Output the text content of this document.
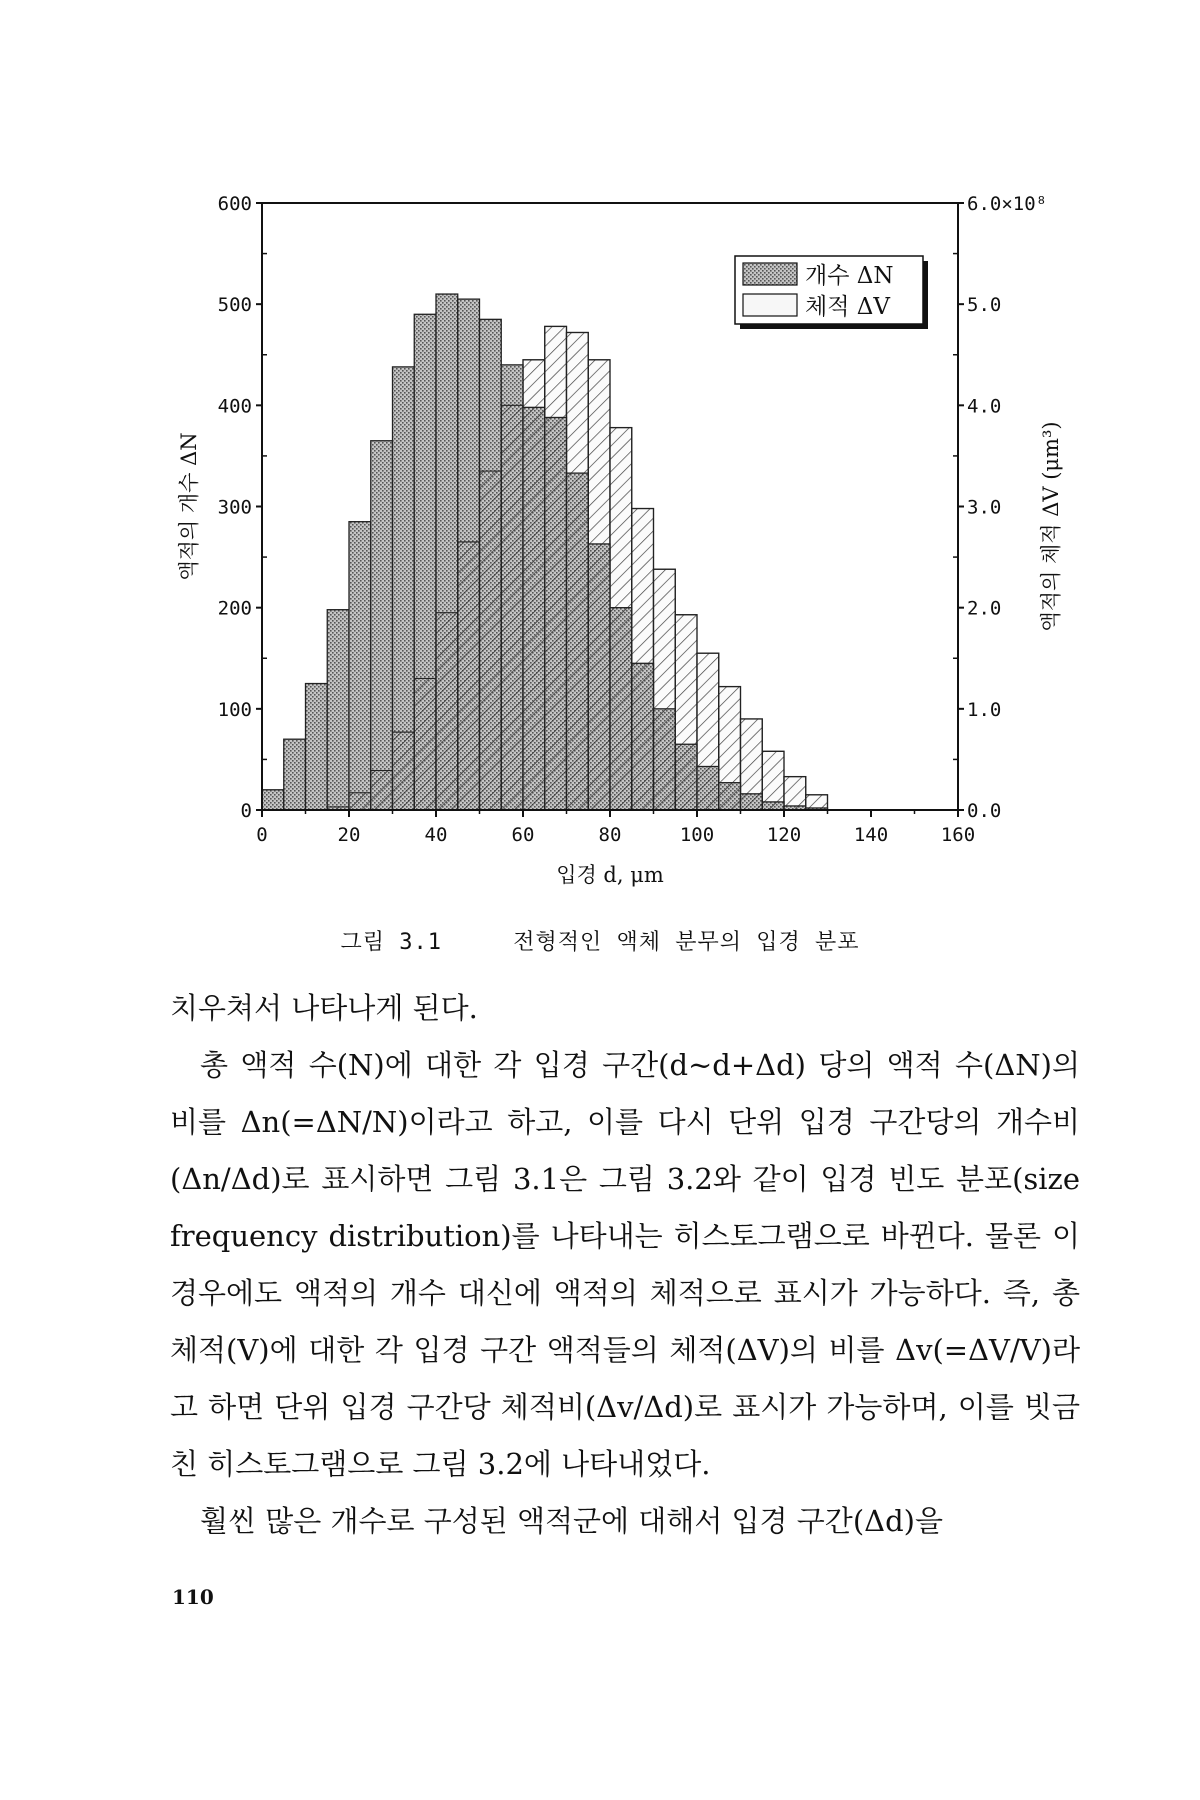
0
100
200
300
400
500
600
0.0
1.0
2.0
3.0
4.0
5.0
6.0×10⁸
0	20	40	60	80	100	120	140	160
입경 d, μm
액적의 개수 ΔN	액적의 체적 ΔV (μm³)
개수 ΔN
체적 ΔV
그림 3.1	전형적인 액체 분무의 입경 분포

치우쳐서 나타나게 된다.

총 액적 수(N)에 대한 각 입경 구간(d~d+Δd) 당의 액적 수(ΔN)의 비를 Δn(=ΔN/N)이라고 하고, 이를 다시 단위 입경 구간당의 개수비(Δn/Δd)로 표시하면 그림 3.1은 그림 3.2와 같이 입경 빈도 분포(size frequency distribution)를 나타내는 히스토그램으로 바뀐다. 물론 이 경우에도 액적의 개수 대신에 액적의 체적으로 표시가 가능하다. 즉, 총 체적(V)에 대한 각 입경 구간 액적들의 체적(ΔV)의 비를 Δv(=ΔV/V)라고 하면 단위 입경 구간당 체적비(Δv/Δd)로 표시가 가능하며, 이를 빗금친 히스토그램으로 그림 3.2에 나타내었다.

훨씬 많은 개수로 구성된 액적군에 대해서 입경 구간(Δd)을

110
